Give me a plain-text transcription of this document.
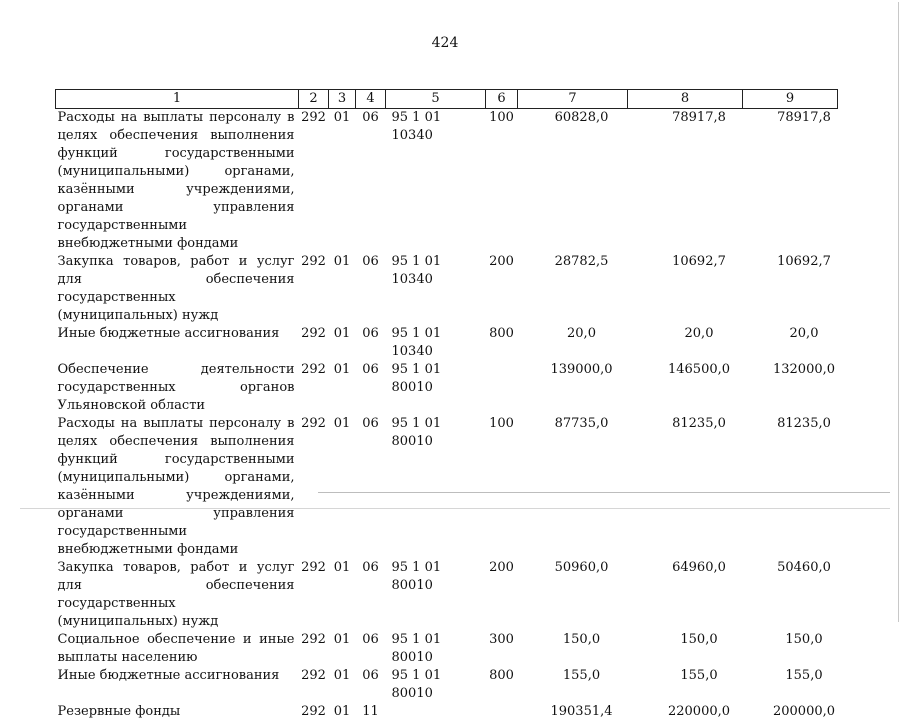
424
1	2	3	4	5	6	7	8	9
Расходы на выплаты персоналу в целях обеспечения выполнения функций государственными (муниципальными) органами, казёнными учреждениями, органами управления государственными внебюджетными фондами	292	01	06	95 1 01 10340	100	60828,0	78917,8	78917,8
Закупка товаров, работ и услуг для обеспечения государственных (муниципальных) нужд	292	01	06	95 1 01 10340	200	28782,5	10692,7	10692,7
Иные бюджетные ассигнования	292	01	06	95 1 01 10340	800	20,0	20,0	20,0
Обеспечение деятельности государственных органов Ульяновской области	292	01	06	95 1 01 80010		139000,0	146500,0	132000,0
Расходы на выплаты персоналу в целях обеспечения выполнения функций государственными (муниципальными) органами, казёнными учреждениями, органами управления государственными внебюджетными фондами	292	01	06	95 1 01 80010	100	87735,0	81235,0	81235,0
Закупка товаров, работ и услуг для обеспечения государственных (муниципальных) нужд	292	01	06	95 1 01 80010	200	50960,0	64960,0	50460,0
Социальное обеспечение и иные выплаты населению	292	01	06	95 1 01 80010	300	150,0	150,0	150,0
Иные бюджетные ассигнования	292	01	06	95 1 01 80010	800	155,0	155,0	155,0
Резервные фонды	292	01	11			190351,4	220000,0	200000,0
